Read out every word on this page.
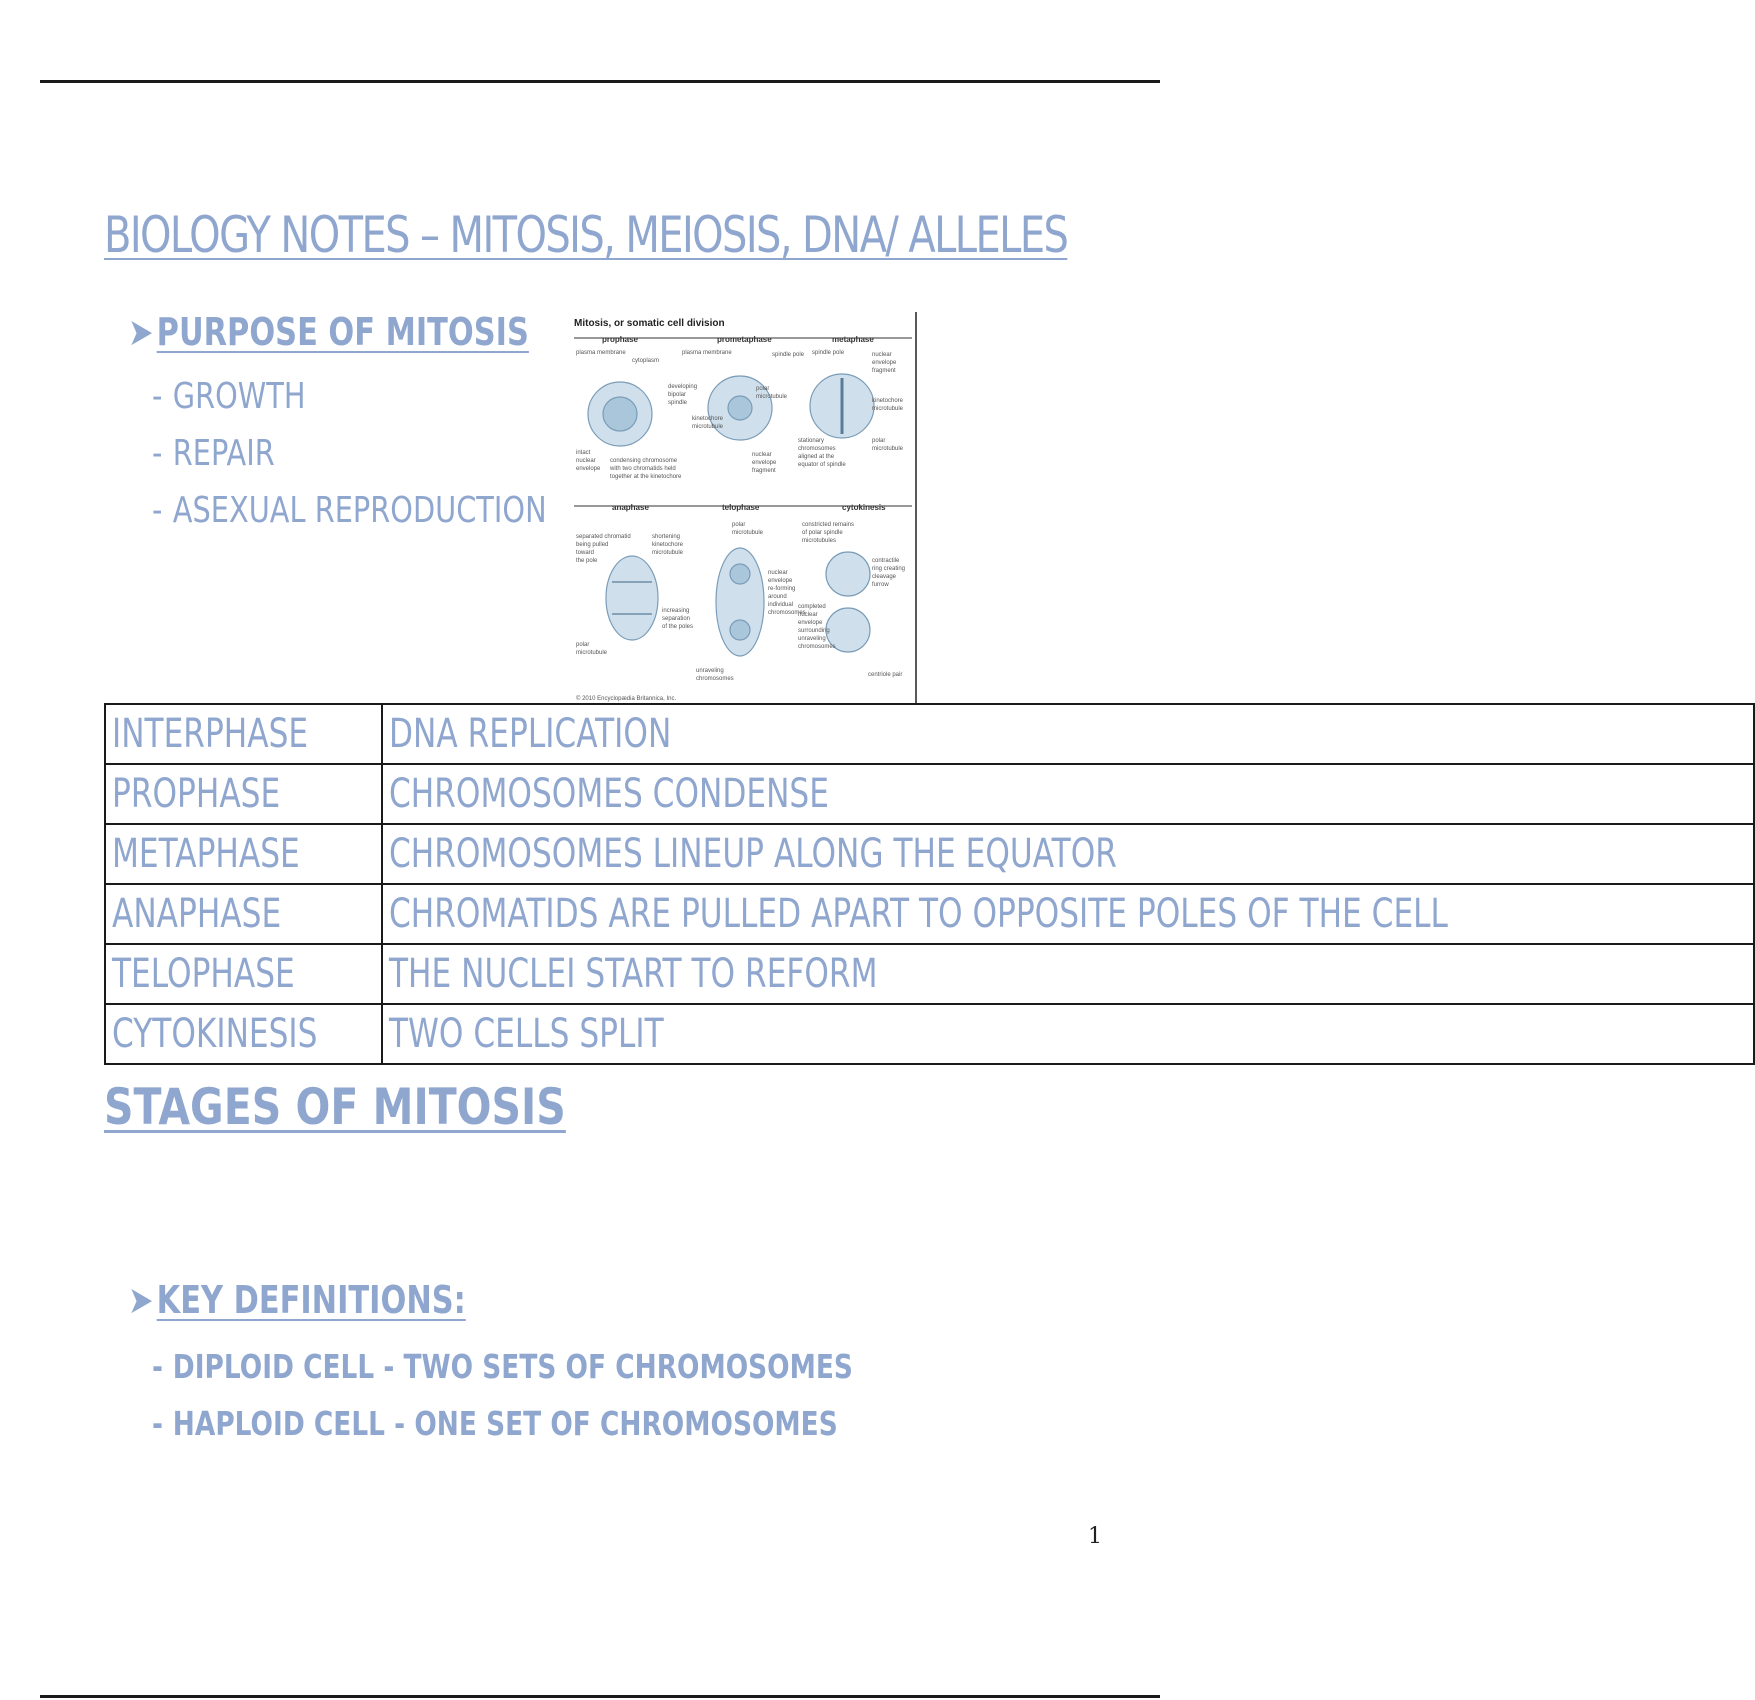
BIOLOGY NOTES – MITOSIS, MEIOSIS, DNA/ ALLELES
➤PURPOSE OF MITOSIS
- GROWTH
- REPAIR
- ASEXUAL REPRODUCTION
Mitosis, or somatic cell division
prophase	prometaphase	metaphase
plasma membrane
cytoplasm
developing
bipolar
spindle
intact
nuclear
envelope
condensing chromosome
with two chromatids held
together at the kinetochore
plasma membrane	spindle pole
polar
microtubule
kinetochore
microtubule
nuclear
envelope
fragment
spindle pole	nuclear
envelope
fragment
kinetochore
microtubule
stationary
chromosomes
aligned at the
equator of spindle
polar
microtubule
anaphase	telophase	cytokinesis
separated chromatid
being pulled
toward
the pole
shortening
kinetochore
microtubule
increasing
separation
of the poles
polar
microtubule
polar
microtubule
nuclear
envelope
re-forming
around
individual
chromosomes
unraveling
chromosomes
constricted remains
of polar spindle
microtubules
contractile
ring creating
cleavage
furrow
completed
nuclear
envelope
surrounding
unraveling
chromosomes
centriole pair
© 2010 Encyclopædia Britannica, Inc.
INTERPHASE	DNA REPLICATION
PROPHASE	CHROMOSOMES CONDENSE
METAPHASE	CHROMOSOMES LINEUP ALONG THE EQUATOR
ANAPHASE	CHROMATIDS ARE PULLED APART TO OPPOSITE POLES OF THE CELL
TELOPHASE	THE NUCLEI START TO REFORM
CYTOKINESIS	TWO CELLS SPLIT
STAGES OF MITOSIS
➤KEY DEFINITIONS:
- DIPLOID CELL - TWO SETS OF CHROMOSOMES
- HAPLOID CELL - ONE SET OF CHROMOSOMES
1
